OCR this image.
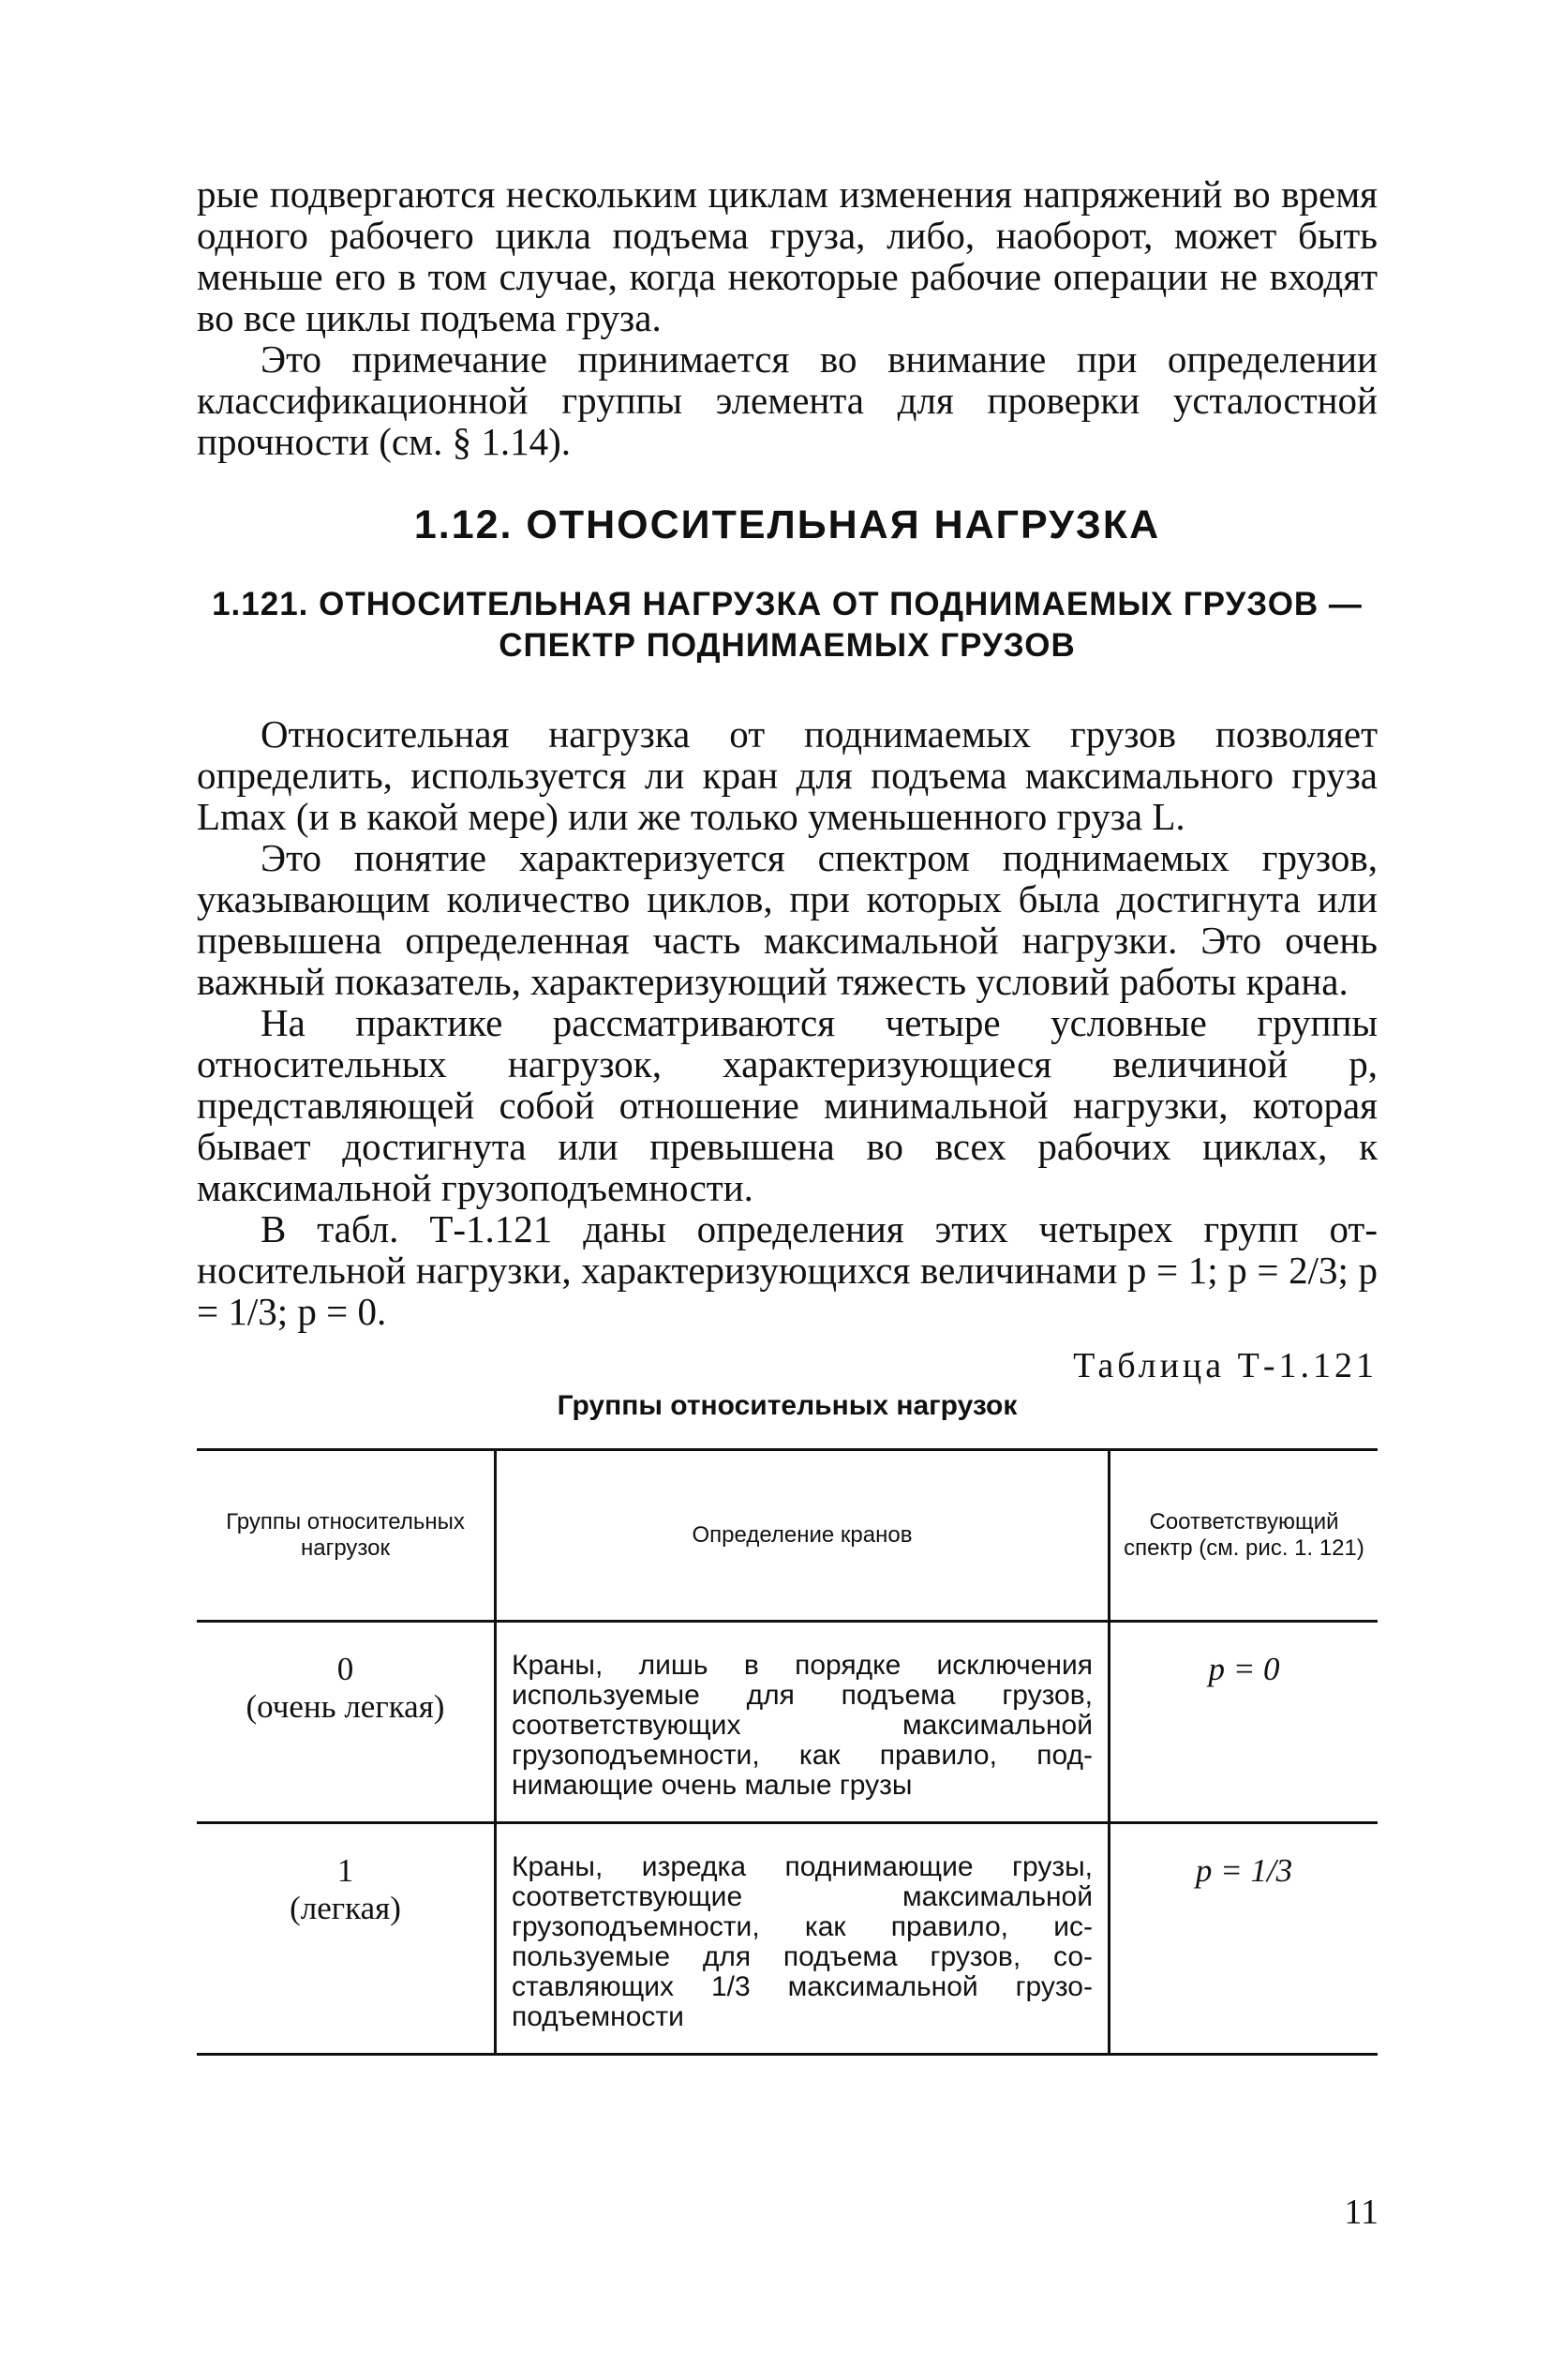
рые подвергаются нескольким циклам изменения напряжений во время одного рабочего цикла подъема груза, либо, наоборот, может быть меньше его в том случае, когда некоторые рабочие операции не входят во все циклы подъема груза.

Это примечание принимается во внимание при определении классификационной группы элемента для проверки усталостной прочности (см. § 1.14).

1.12. ОТНОСИТЕЛЬНАЯ НАГРУЗКА
1.121. ОТНОСИТЕЛЬНАЯ НАГРУЗКА ОТ ПОДНИМАЕМЫХ ГРУЗОВ — СПЕКТР ПОДНИМАЕМЫХ ГРУЗОВ

Относительная нагрузка от поднимаемых грузов позволяет определить, используется ли кран для подъема максимального груза Lmax (и в какой мере) или же только уменьшенного груза L.

Это понятие характеризуется спектром поднимаемых грузов, указывающим количество циклов, при которых была достигнута или превышена определенная часть максимальной нагрузки. Это очень важный показатель, характеризующий тяжесть условий работы крана.

На практике рассматриваются четыре условные группы относительных нагрузок, характеризующиеся величиной p, представляющей собой отношение минимальной нагрузки, которая бывает достигнута или превышена во всех рабочих циклах, к максимальной грузоподъемности.

В табл. Т-1.121 даны определения этих четырех групп относительной нагрузки, характеризующихся величинами p = 1; p = 2/3; p = 1/3; p = 0.

Таблица Т-1.121
Группы относительных нагрузок
Группы относительных нагрузок	Определение кранов	Соответствующий спектр (см. рис. 1. 121)

0
(очень легкая)	Краны, лишь в порядке исключения используемые для подъема грузов, соответствующих максимальной грузоподъемности, как правило, поднимающие очень малые грузы	p = 0

1
(легкая)	Краны, изредка поднимающие грузы, соответствующие максимальной грузоподъемности, как правило, используемые для подъема грузов, составляющих 1/3 максимальной грузоподъемности	p = 1/3
11
